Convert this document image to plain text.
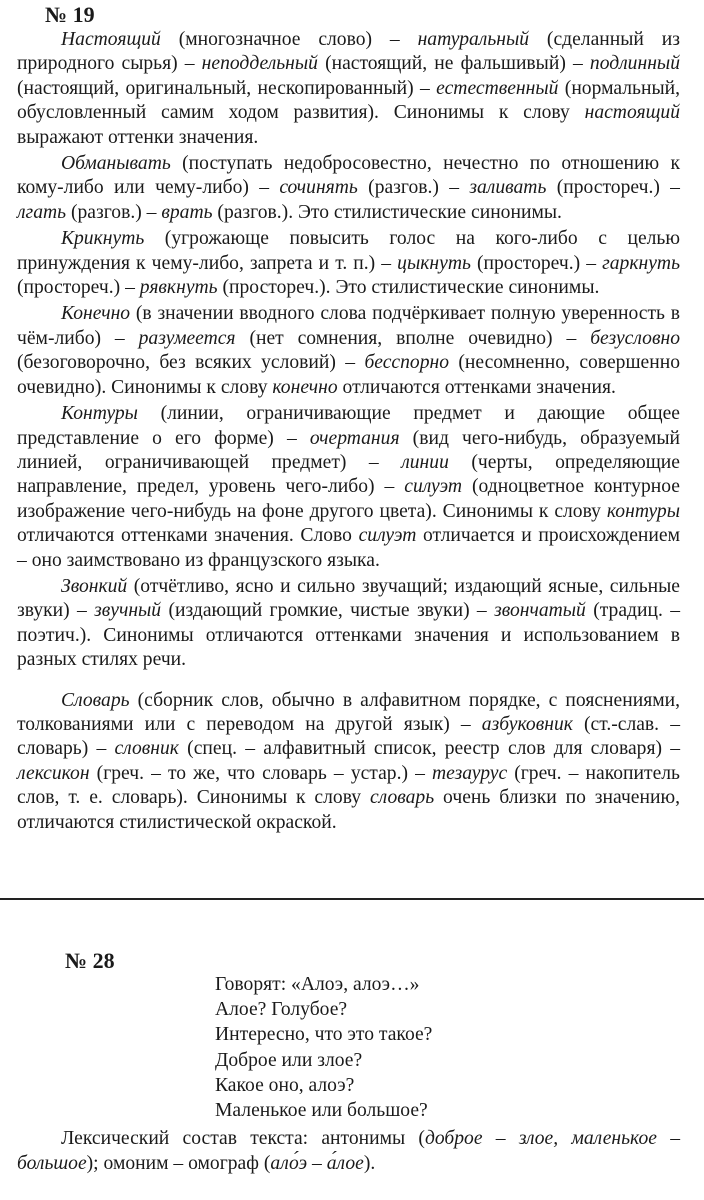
№ 19

Настоящий (многозначное слово) – натуральный (сделанный из природного сырья) – неподдельный (настоящий, не фальшивый) – подлинный (настоящий, оригинальный, нескопированный) – естественный (нормальный, обусловленный самим ходом развития). Синонимы к слову настоящий выражают оттенки значения.

Обманывать (поступать недобросовестно, нечестно по отношению к кому-либо или чему-либо) – сочинять (разгов.) – заливать (простореч.) – лгать (разгов.) – врать (разгов.). Это стилистические синонимы.

Крикнуть (угрожающе повысить голос на кого-либо с целью принуждения к чему-либо, запрета и т. п.) – цыкнуть (простореч.) – гаркнуть (простореч.) – рявкнуть (простореч.). Это стилистические синонимы.

Конечно (в значении вводного слова подчёркивает полную уверенность в чём-либо) – разумеется (нет сомнения, вполне очевидно) – безусловно (безоговорочно, без всяких условий) – бесспорно (несомненно, совершенно очевидно). Синонимы к слову конечно отличаются оттенками значения.

Контуры (линии, ограничивающие предмет и дающие общее представление о его форме) – очертания (вид чего-нибудь, образуемый линией, ограничивающей предмет) – линии (черты, определяющие направление, предел, уровень чего-либо) – силуэт (одноцветное контурное изображение чего-нибудь на фоне другого цвета). Синонимы к слову контуры отличаются оттенками значения. Слово силуэт отличается и происхождением – оно заимствовано из французского языка.

Звонкий (отчётливо, ясно и сильно звучащий; издающий ясные, сильные звуки) – звучный (издающий громкие, чистые звуки) – звончатый (традиц. – поэтич.). Синонимы отличаются оттенками значения и использованием в разных стилях речи.

Словарь (сборник слов, обычно в алфавитном порядке, с пояснениями, толкованиями или с переводом на другой язык) – азбуковник (ст.-слав. – словарь) – словник (спец. – алфавитный список, реестр слов для словаря) – лексикон (греч. – то же, что словарь – устар.) – тезаурус (греч. – накопитель слов, т. е. словарь). Синонимы к слову словарь очень близки по значению, отличаются стилистической окраской.

№ 28
Говорят: «Алоэ, алоэ…»
Алое? Голубое?
Интересно, что это такое?
Доброе или злое?
Какое оно, алоэ?
Маленькое или большое?

Лексический состав текста: антонимы (доброе – злое, маленькое – большое); омоним – омограф (ало́э – а́лое).
